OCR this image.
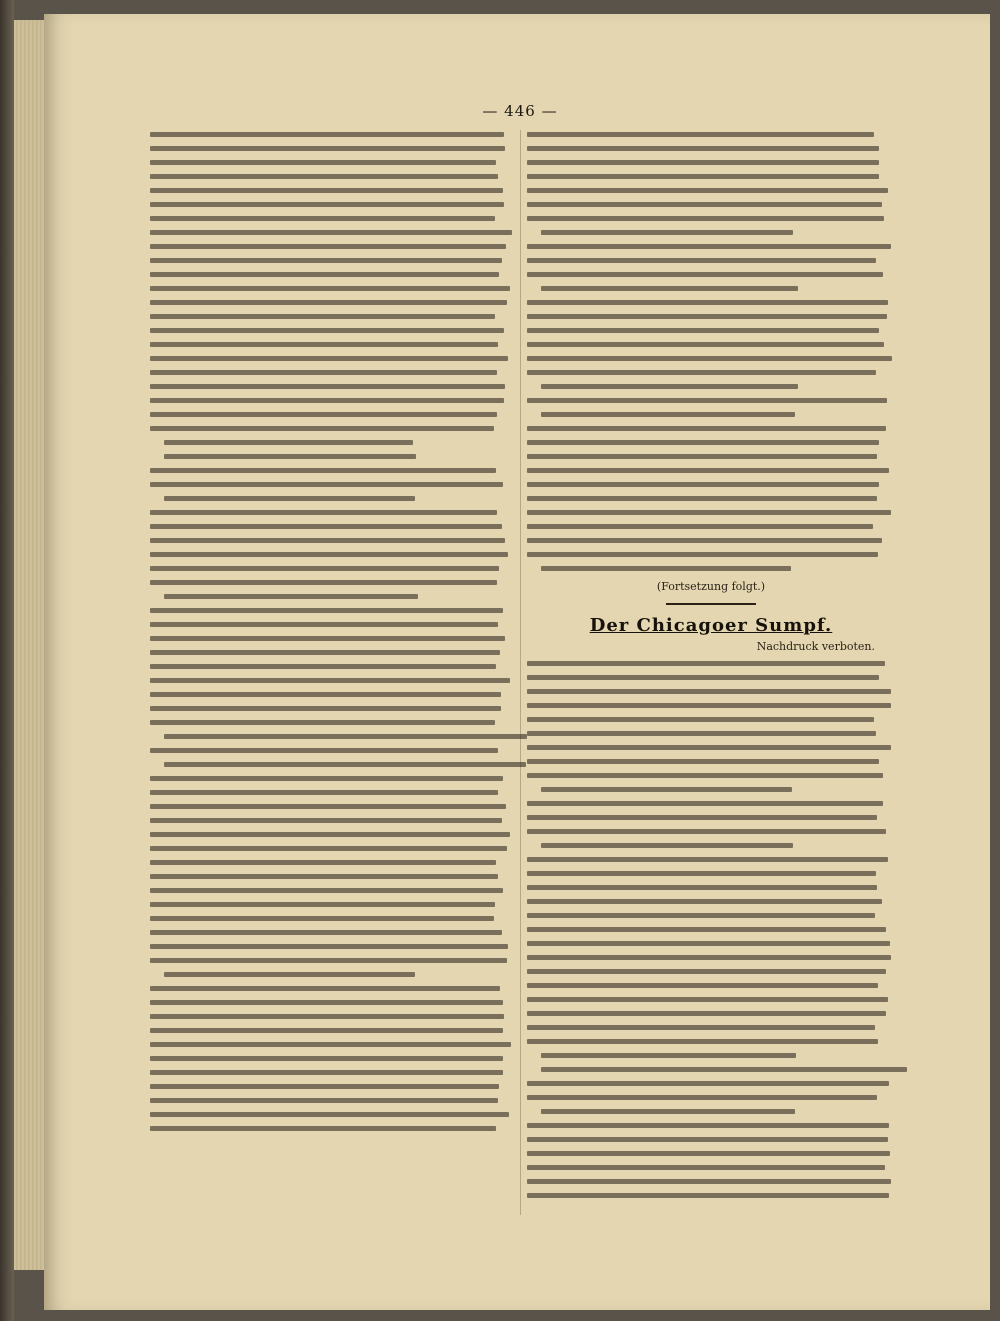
— 446 —
(Fortsetzung folgt.)
Der Chicagoer Sumpf.
Nachdruck verboten.
